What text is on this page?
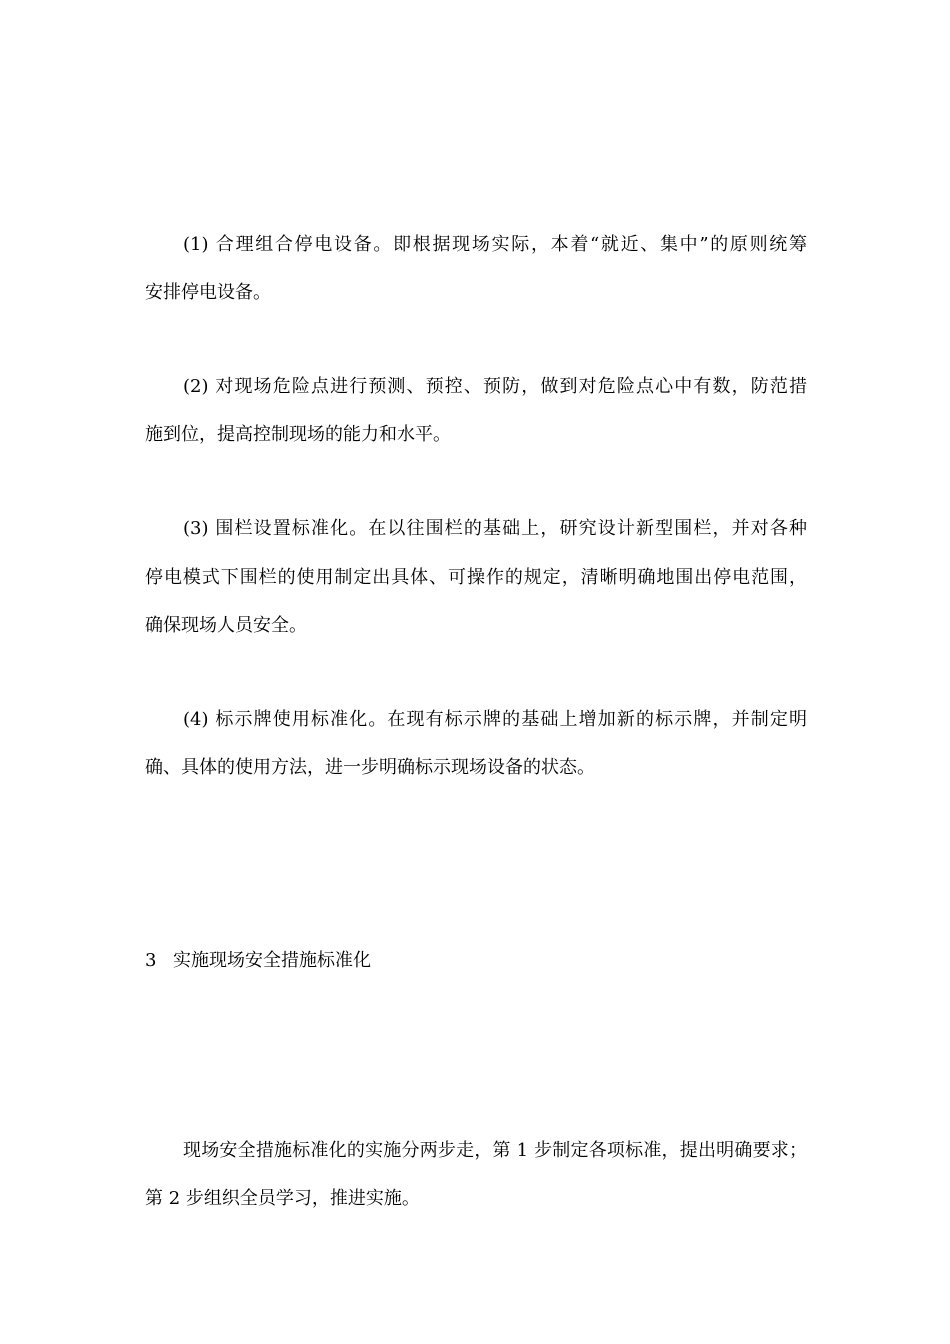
(1) 合理组合停电设备。即根据现场实际，本着“就近、集中”的原则统筹
安排停电设备。
(2) 对现场危险点进行预测、预控、预防，做到对危险点心中有数，防范措
施到位，提高控制现场的能力和水平。
(3) 围栏设置标准化。在以往围栏的基础上，研究设计新型围栏，并对各种
停电模式下围栏的使用制定出具体、可操作的规定，清晰明确地围出停电范围，
确保现场人员安全。
(4) 标示牌使用标准化。在现有标示牌的基础上增加新的标示牌，并制定明
确、具体的使用方法，进一步明确标示现场设备的状态。
3 实施现场安全措施标准化
现场安全措施标准化的实施分两步走，第 1 步制定各项标准，提出明确要求；
第 2 步组织全员学习，推进实施。
